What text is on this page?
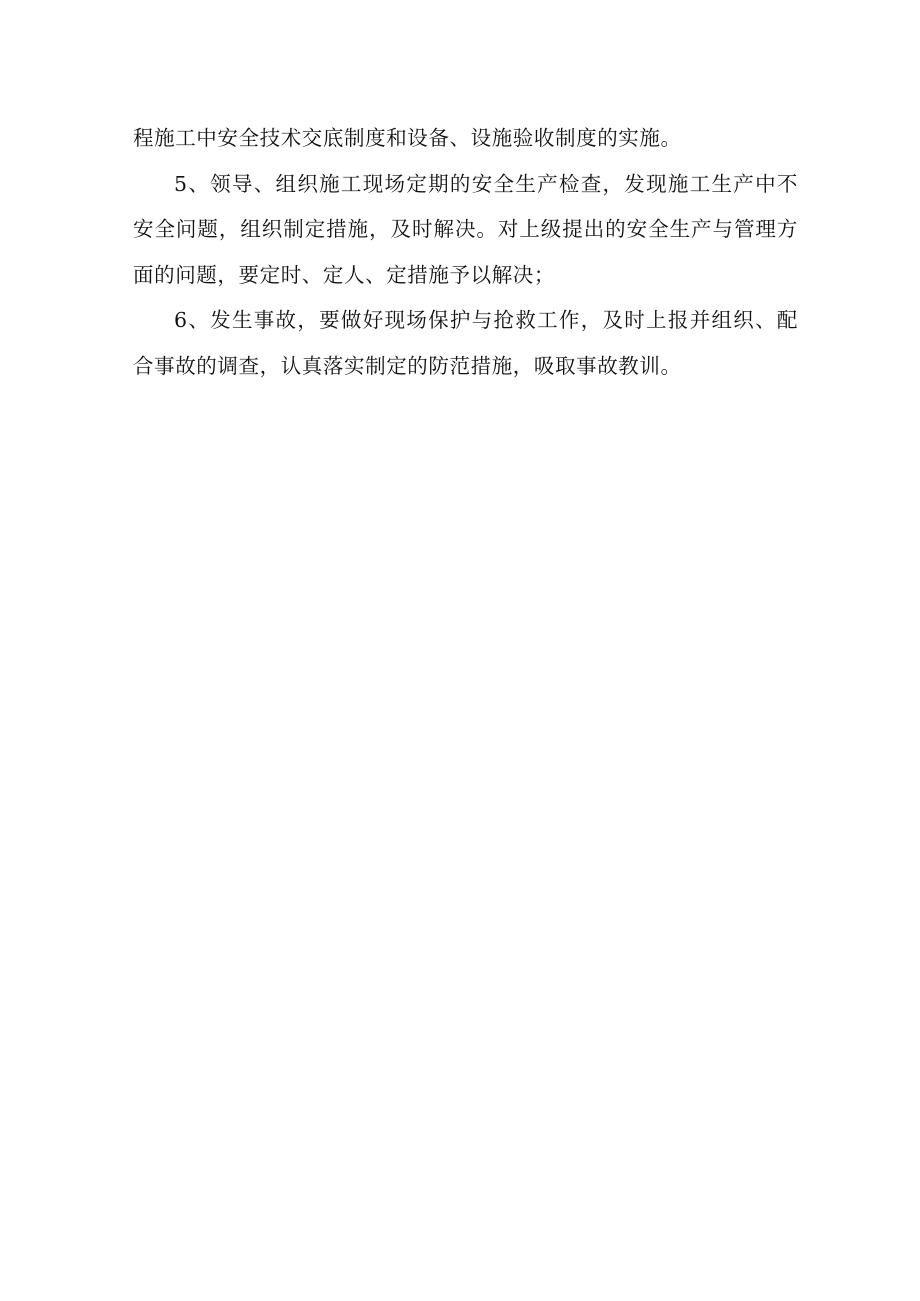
程施工中安全技术交底制度和设备、设施验收制度的实施。

5、领导、组织施工现场定期的安全生产检查，发现施工生产中不安全问题，组织制定措施，及时解决。对上级提出的安全生产与管理方面的问题，要定时、定人、定措施予以解决；

6、发生事故，要做好现场保护与抢救工作，及时上报并组织、配合事故的调查，认真落实制定的防范措施，吸取事故教训。
